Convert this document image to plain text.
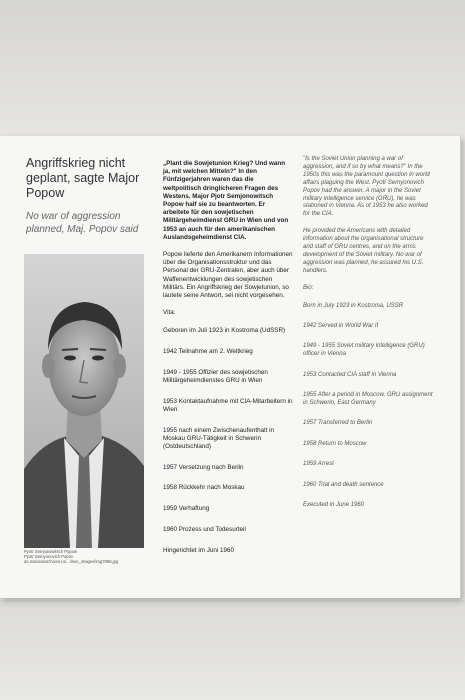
Angriffskrieg nicht geplant, sagte Major Popow
No war of aggression planned, Maj. Popov said
Pyotr Semjonowitsch Popow
Pyotr Semyonovich Popov
de.nationalarchives.ru/.../ison_images/img7898.jpg

„Plant die Sowjetunion Krieg? Und wann ja, mit welchen Mitteln?" In den Fünfzigerjahren waren das die weltpolitisch dringlicheren Fragen des Westens. Major Pjotr Semjonowitsch Popow half sie zu beantworten. Er arbeitete für den sowjetischen Militärgeheimdienst GRU in Wien und von 1953 an auch für den amerikanischen Auslandsgeheimdienst CIA.

Popow lieferte den Amerikanern Informationen über die Organisationsstruktur und das Personal der GRU-Zentralen, aber auch über Waffenentwicklungen des sowjetischen Militärs. Ein Angriffskrieg der Sowjetunion, so lautete seine Antwort, sei nicht vorgesehen.

Vita:

Geboren im Juli 1923 in Kostroma (UdSSR)
1942 Teilnahme am 2. Weltkrieg
1949 - 1955 Offizier des sowjetischen Militärgeheimdienstes GRU in Wien
1953 Kontaktaufnahme mit CIA-Mitarbeitern in Wien
1955 nach einem Zwischenaufenthalt in Moskau GRU-Tätigkeit in Schwerin (Ostdeutschland)
1957 Versetzung nach Berlin
1958 Rückkehr nach Moskau
1959 Verhaftung
1960 Prozess und Todesurteil
Hingerichtet im Juni 1960

"Is the Soviet Union planning a war of aggression, and if so by what means?" In the 1950s this was the paramount question in world affairs plaguing the West. Pyotr Semyonovich Popov had the answer. A major in the Soviet military intelligence service (GRU), he was stationed in Vienna. As of 1953 he also worked for the CIA.

He provided the Americans with detailed information about the organisational structure and staff of GRU centres, and on the arms development of the Soviet military. No war of aggression was planned, he assured his U.S. handlers.

Bio:

Born in July 1923 in Kostroma, USSR
1942 Served in World War II
1949 - 1955 Soviet military intelligence (GRU) officer in Vienna
1953 Contacted CIA staff in Vienna
1955 After a period in Moscow, GRU assignment in Schwerin, East Germany
1957 Transferred to Berlin
1958 Return to Moscow
1959 Arrest
1960 Trial and death sentence
Executed in June 1960
